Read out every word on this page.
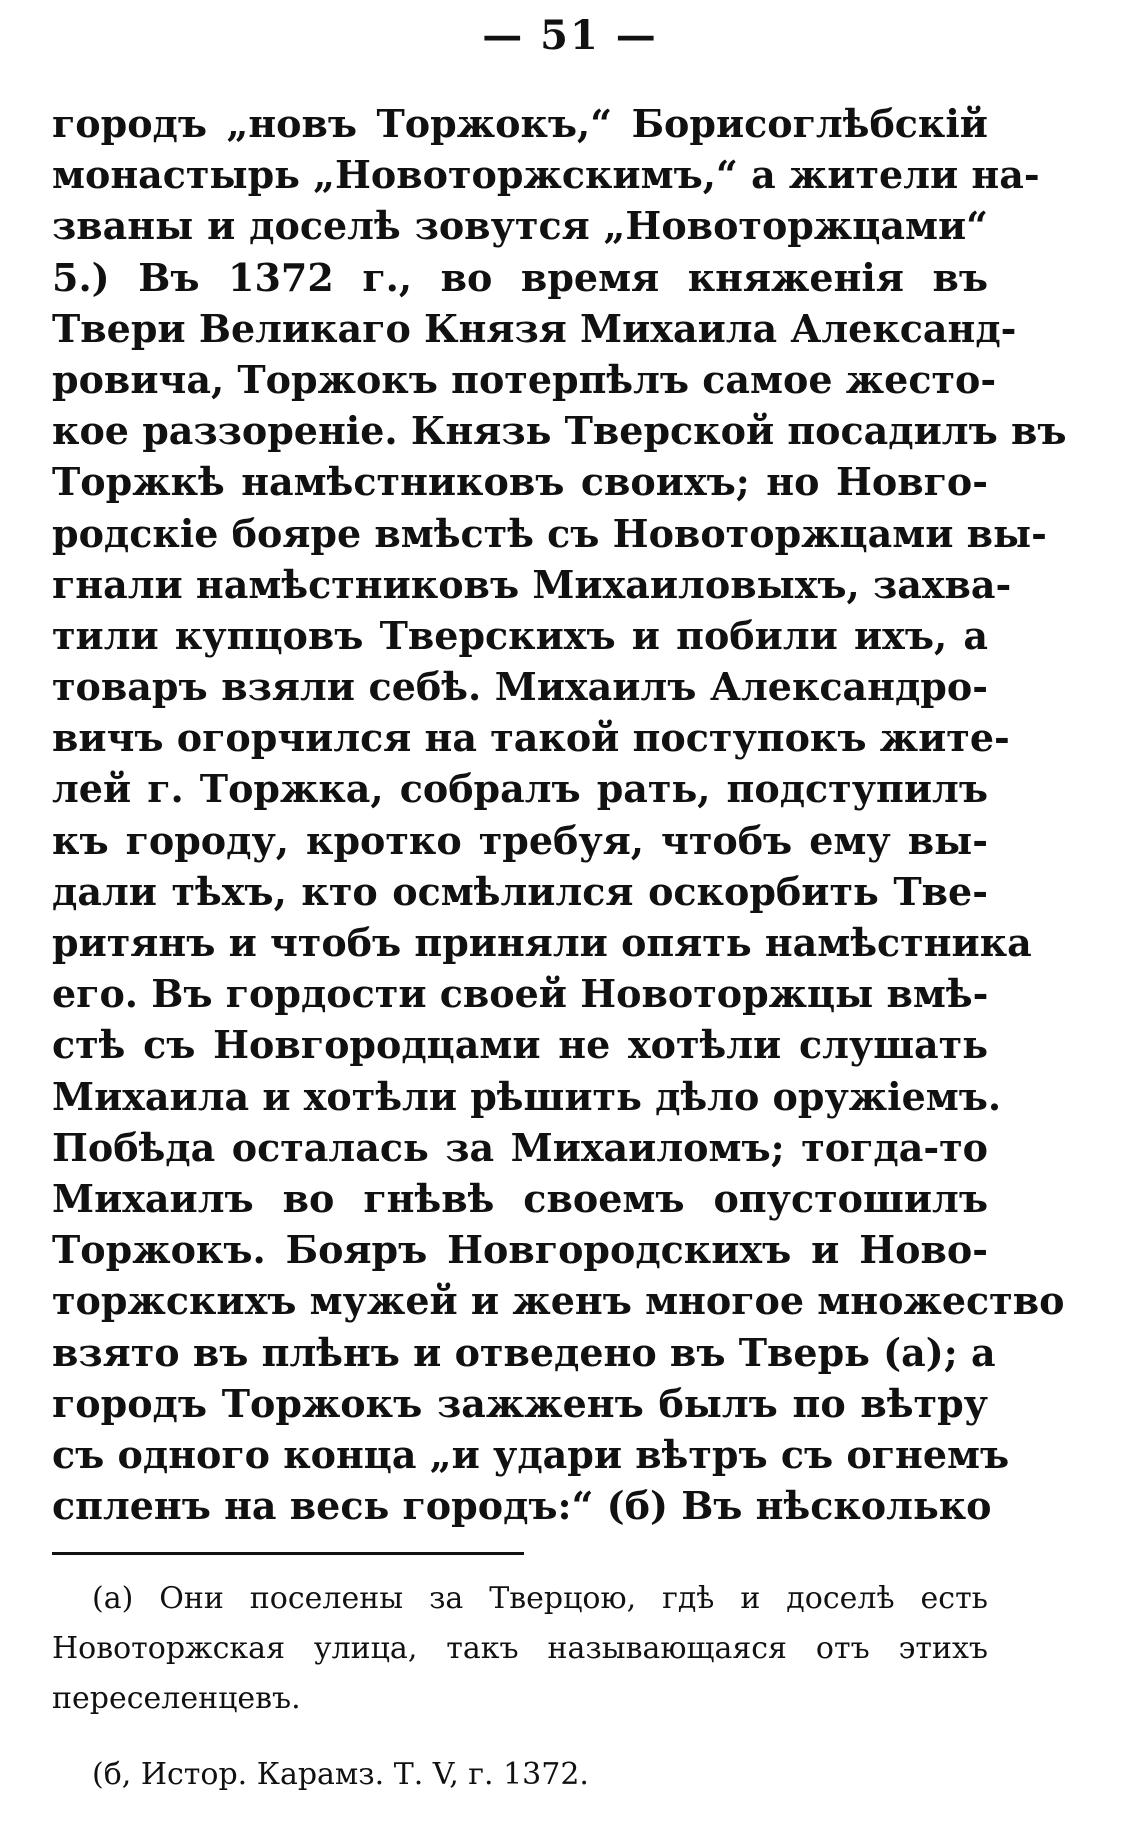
— 51 —
городъ „новъ Торжокъ,“ Борисоглѣбскій
монастырь „Новоторжскимъ,“ а жители на-
званы и доселѣ зовутся „Новоторжцами“
5.) Въ 1372 г., во время княженія въ
Твери Великаго Князя Михаила Александ-
ровича, Торжокъ потерпѣлъ самое жесто-
кое раззореніе. Князь Тверской посадилъ въ
Торжкѣ намѣстниковъ своихъ; но Новго-
родскіе бояре вмѣстѣ съ Новоторжцами вы-
гнали намѣстниковъ Михаиловыхъ, захва-
тили купцовъ Тверскихъ и побили ихъ, а
товаръ взяли себѣ. Михаилъ Александро-
вичъ огорчился на такой поступокъ жите-
лей г. Торжка, собралъ рать, подступилъ
къ городу, кротко требуя, чтобъ ему вы-
дали тѣхъ, кто осмѣлился оскорбить Тве-
ритянъ и чтобъ приняли опять намѣстника
его. Въ гордости своей Новоторжцы вмѣ-
стѣ съ Новгородцами не хотѣли слушать
Михаила и хотѣли рѣшить дѣло оружіемъ.
Побѣда осталась за Михаиломъ; тогда-то
Михаилъ во гнѣвѣ своемъ опустошилъ
Торжокъ. Бояръ Новгородскихъ и Ново-
торжскихъ мужей и женъ многое множество
взято въ плѣнъ и отведено въ Тверь (а); а
городъ Торжокъ зажженъ былъ по вѣтру
съ одного конца „и удари вѣтръ съ огнемъ
спленъ на весь городъ:“ (б) Въ нѣсколько
(а) Они поселены за Тверцою, гдѣ и доселѣ есть
Новоторжская улица, такъ называющаяся отъ этихъ
переселенцевъ.
(б, Истор. Карамз. Т. V, г. 1372.
